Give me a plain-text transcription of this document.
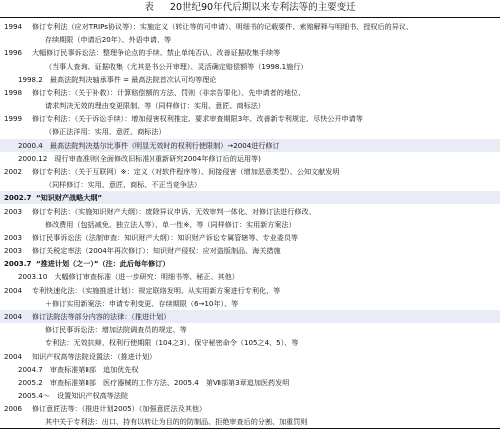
表 20世纪90年代后期以来专利法等的主要变迁
1994 修订专利法（应对TRIPs协议等）：实施定义（转让等的可申请）、明细书的记载要件、索赔解释与明细书、授权后的异议、
存续期限（申请后20年）、外语申请、等
1996 大幅修订民事诉讼法：整理争论点的手续、禁止单纯否认、改善证据收集手续等
（当事人查询、证据收集（尤其是书公开审理）、灵活确定赔偿额等（1998.1施行）
1998.2　最高法院判决轴承事件 = 最高法院首次认可均等理论
1998 修订专利法：（关于补救）：计算赔偿额的方法、罚则（非亲告罪化）、先申请者的地位、
请求判决无效的理由变更限制、等（同样修订：实用、意匠、商标法）
1999 修订专利法：（关于诉讼手续）：增加侵害权利推定、要求审查期限3年、改善新专利规定、尽快公开申请等
（修正法洋用：实用、意匠、商标法）
2000.4　最高法院判决基尔比事件（明显无效时的权利行使限制）→2004进行修订
2000.12　现行审查准则(全面修改旧标准)(重新研究2004年修订后的运用等)
2002 修订专利法：（关于互联网）※：定义（对软件程序等）、间接侵害（增加恶意类型）、公知文献发明
（同样修订：实用、意匠、商标、不正当竞争法）
2002.7 “知识财产战略大纲”
2003 修订专利法：（实施知识财产大纲）：废除异议申诉、无效审判一体化、对修订法进行修改、
修改费用（包括减免、独立法人等）、单一性※、等（同样修订：实用新方案法）
2003 修订民事诉讼法（法制审查：知识财产大纲）：知识财产诉讼专属管辖等、专业委员等
2003 修订关税定率法（2004年再次修订）：知识财产侵权：应对盗版制品、海关措施
2003.7 “推进计划（之一）”（注：此后每年修订）
2003.10　大幅修订审查标准（进一步研究：明细书等、秘正、其他）
2004 专利快速化法：（实施推进计划）：规定联络发明、从实用新方案进行专利化，等
＋修订实用新案法：申请专利变更、存续期限（6→10年）、等
2004 修订法院法等部分内容的法律：（推进计划）
修订民事诉讼法：增加法院调查员的规定、等
专利法：无效抗辩、权利行使期限（104之3）、保守秘密命令（105之4、5）、等
2004 知识产权高等法院设置法：（推进计划）
2004.7　审查标准第Ⅱ部　追加优先权
2005.2　审查标准第Ⅱ部　医疗器械的工作方法、2005.4　第Ⅶ部第3章追加医药发明
2005.4～　设置知识产权高等法院
2006 修订意匠法等：（推进计划2005）（加强意匠法及其他）
其中关于专利法：出口、持有以转让为目的的防制品、拒绝审查后的分割、加重罚则
